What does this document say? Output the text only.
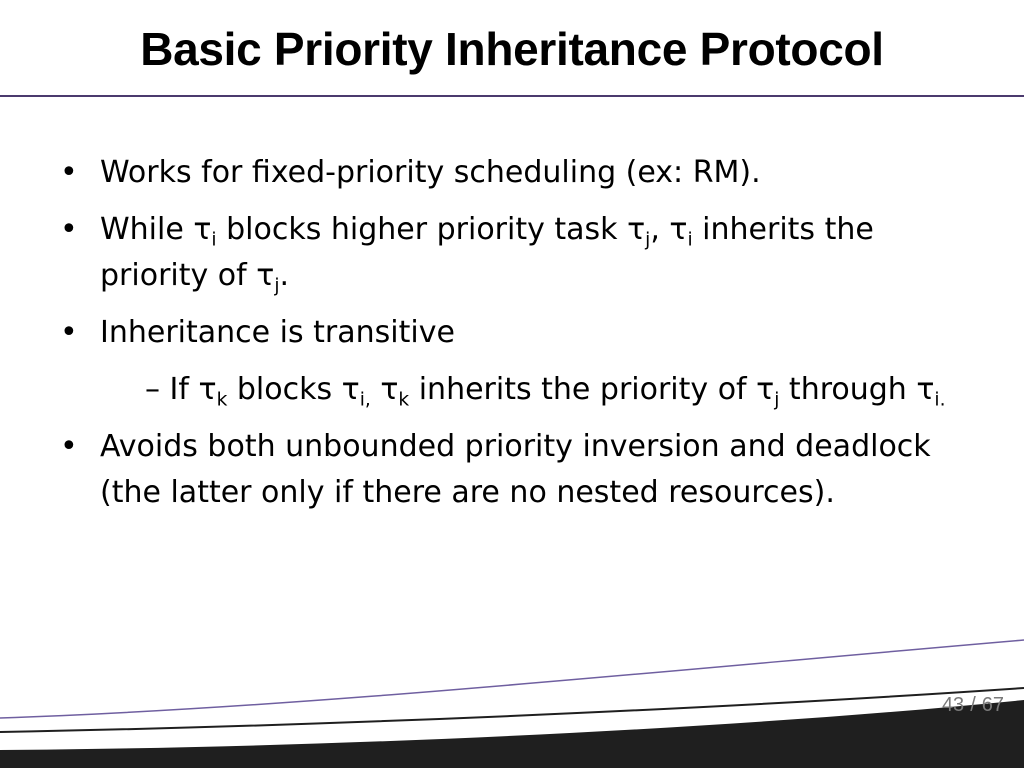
Basic Priority Inheritance Protocol
• Works for fixed-priority scheduling (ex: RM).
• While $\tau_i$ blocks higher priority task $\tau_j$, $\tau_i$ inherits the priority of $\tau_j$.
• Inheritance is transitive
– If $\tau_k$ blocks $\tau_{i,}$ $\tau_k$ inherits the priority of $\tau_j$ through $\tau_{i.}$
• Avoids both unbounded priority inversion and deadlock (the latter only if there are no nested resources).
43 / 67
